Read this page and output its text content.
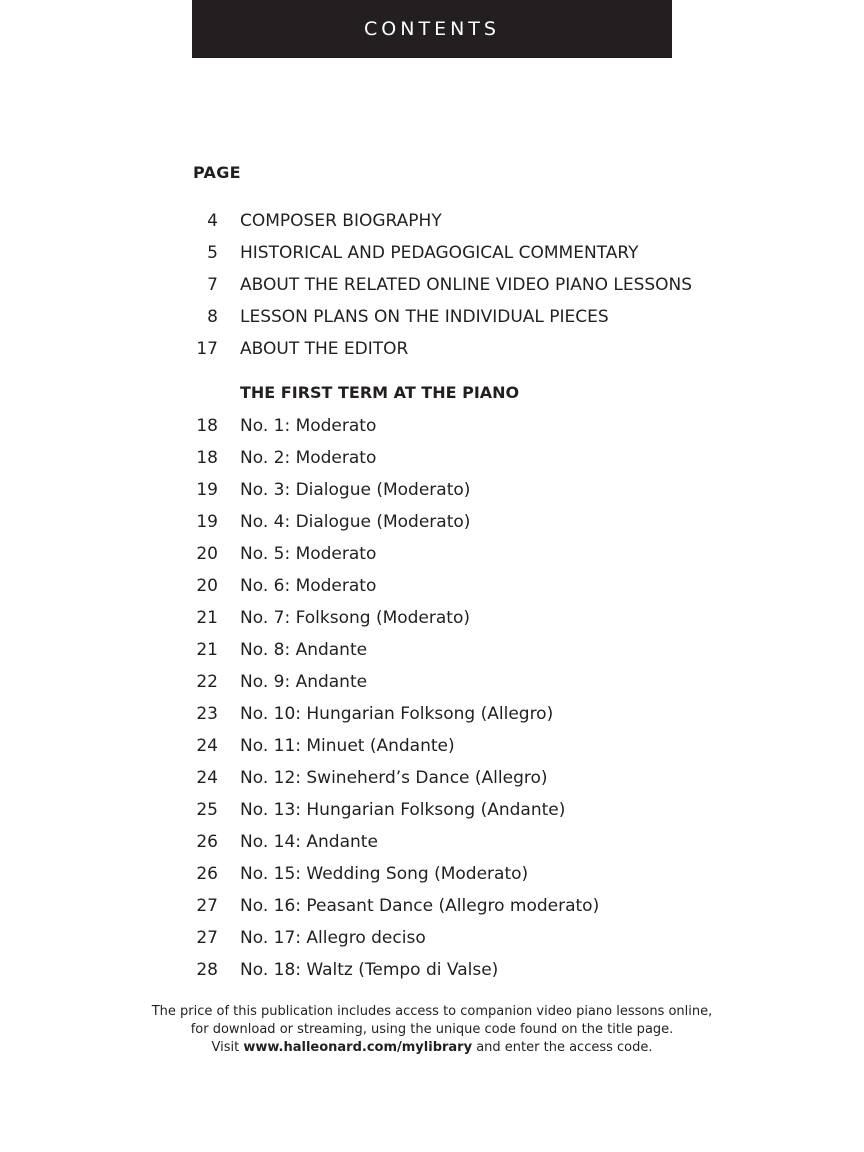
CONTENTS
PAGE
4 COMPOSER BIOGRAPHY
5 HISTORICAL AND PEDAGOGICAL COMMENTARY
7 ABOUT THE RELATED ONLINE VIDEO PIANO LESSONS
8 LESSON PLANS ON THE INDIVIDUAL PIECES
17 ABOUT THE EDITOR
THE FIRST TERM AT THE PIANO
18 No. 1: Moderato
18 No. 2: Moderato
19 No. 3: Dialogue (Moderato)
19 No. 4: Dialogue (Moderato)
20 No. 5: Moderato
20 No. 6: Moderato
21 No. 7: Folksong (Moderato)
21 No. 8: Andante
22 No. 9: Andante
23 No. 10: Hungarian Folksong (Allegro)
24 No. 11: Minuet (Andante)
24 No. 12: Swineherd’s Dance (Allegro)
25 No. 13: Hungarian Folksong (Andante)
26 No. 14: Andante
26 No. 15: Wedding Song (Moderato)
27 No. 16: Peasant Dance (Allegro moderato)
27 No. 17: Allegro deciso
28 No. 18: Waltz (Tempo di Valse)
The price of this publication includes access to companion video piano lessons online,
for download or streaming, using the unique code found on the title page.
Visit www.halleonard.com/mylibrary and enter the access code.
